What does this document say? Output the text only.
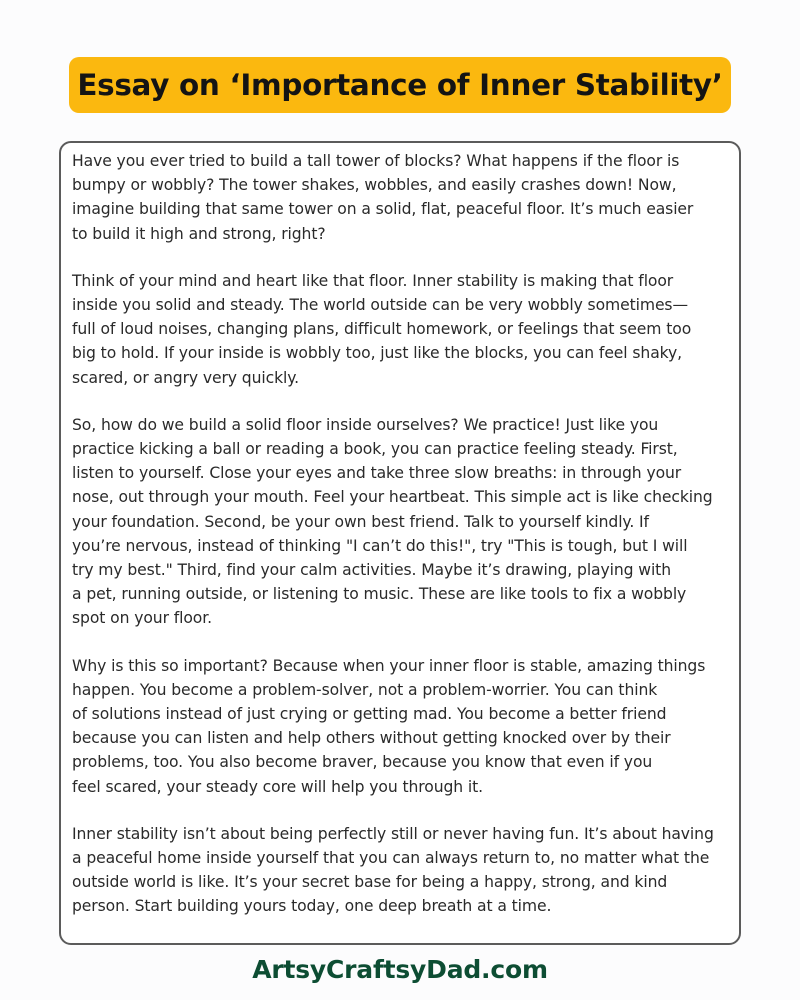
Essay on ‘Importance of Inner Stability’

Have you ever tried to build a tall tower of blocks? What happens if the floor is
bumpy or wobbly? The tower shakes, wobbles, and easily crashes down! Now,
imagine building that same tower on a solid, flat, peaceful floor. It’s much easier
to build it high and strong, right?

Think of your mind and heart like that floor. Inner stability is making that floor
inside you solid and steady. The world outside can be very wobbly sometimes—
full of loud noises, changing plans, difficult homework, or feelings that seem too
big to hold. If your inside is wobbly too, just like the blocks, you can feel shaky,
scared, or angry very quickly.

So, how do we build a solid floor inside ourselves? We practice! Just like you
practice kicking a ball or reading a book, you can practice feeling steady. First,
listen to yourself. Close your eyes and take three slow breaths: in through your
nose, out through your mouth. Feel your heartbeat. This simple act is like checking
your foundation. Second, be your own best friend. Talk to yourself kindly. If
you’re nervous, instead of thinking "I can’t do this!", try "This is tough, but I will
try my best." Third, find your calm activities. Maybe it’s drawing, playing with
a pet, running outside, or listening to music. These are like tools to fix a wobbly
spot on your floor.

Why is this so important? Because when your inner floor is stable, amazing things
happen. You become a problem-solver, not a problem-worrier. You can think
of solutions instead of just crying or getting mad. You become a better friend
because you can listen and help others without getting knocked over by their
problems, too. You also become braver, because you know that even if you
feel scared, your steady core will help you through it.

Inner stability isn’t about being perfectly still or never having fun. It’s about having
a peaceful home inside yourself that you can always return to, no matter what the
outside world is like. It’s your secret base for being a happy, strong, and kind
person. Start building yours today, one deep breath at a time.

ArtsyCraftsyDad.com
